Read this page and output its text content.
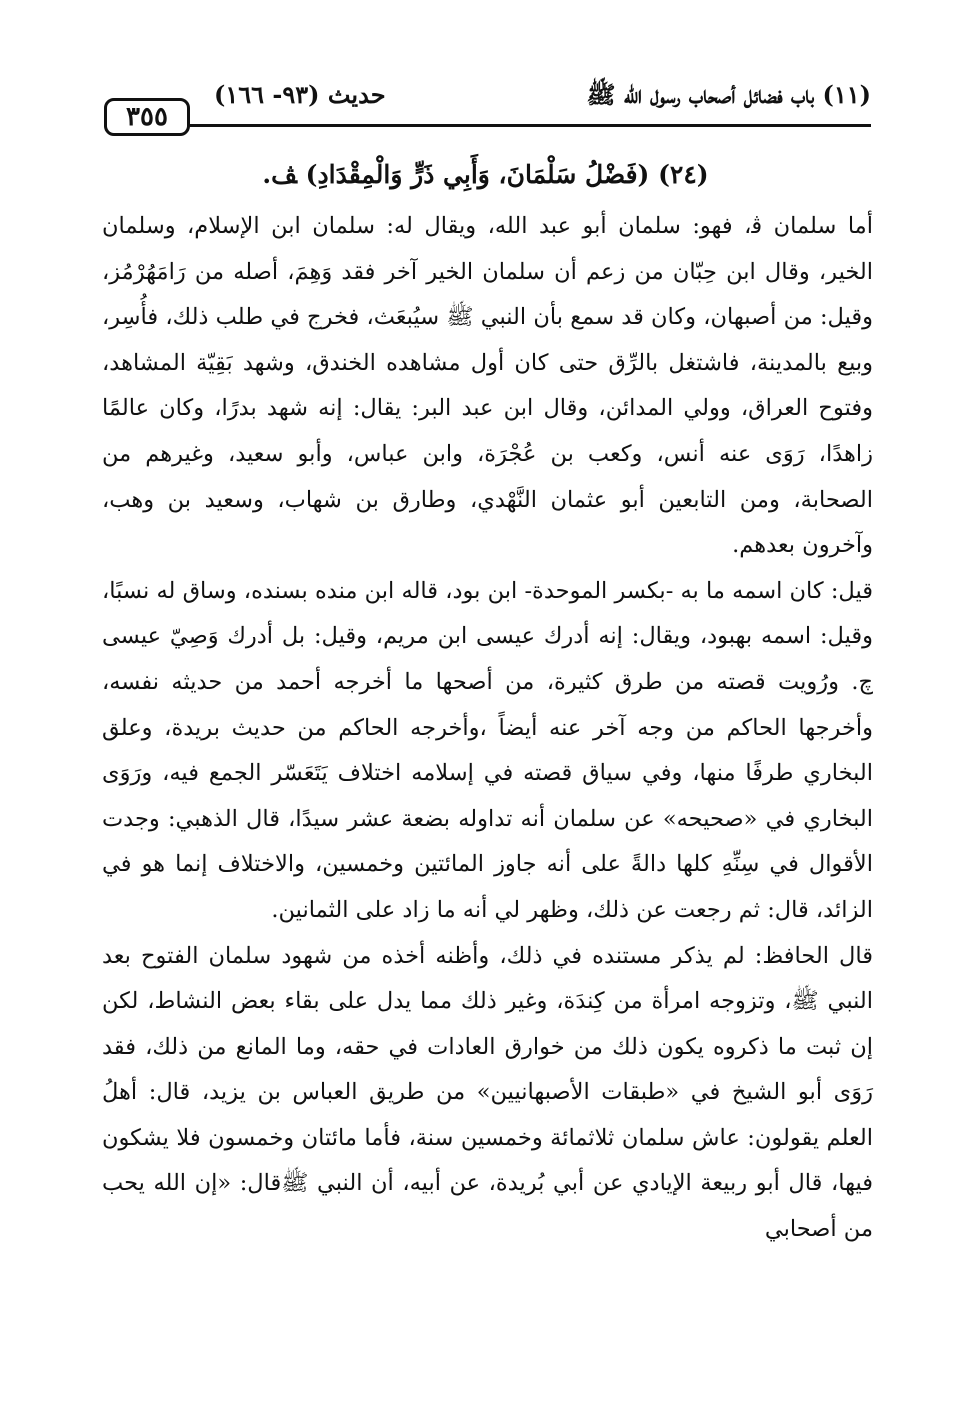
٣٥٥
حديث (٩٣- ١٦٦)	(١١) باب فضائل أصحاب رسول الله ﷺ
(٢٤) (فَضْلُ سَلْمَانَ، وَأَبِي ذَرٍّ وَالْمِقْدَادِ) ﭫ.

أما سلمان ﭬ، فهو: سلمان أبو عبد الله، ويقال له: سلمان ابن الإسلام، وسلمان الخير، وقال ابن حِبّان من زعم أن سلمان الخير آخر فقد وَهِمَ، أصله من رَامَهُرْمُز، وقيل: من أصبهان، وكان قد سمع بأن النبي ﷺ سيُبعَث، فخرج في طلب ذلك، فأُسِر، وبيع بالمدينة، فاشتغل بالرِّق حتى كان أول مشاهده الخندق، وشهد بَقِيّة المشاهد، وفتوح العراق، وولي المدائن، وقال ابن عبد البر: يقال: إنه شهد بدرًا، وكان عالمًا زاهدًا، رَوَى عنه أنس، وكعب بن عُجْرَة، وابن عباس، وأبو سعيد، وغيرهم من الصحابة، ومن التابعين أبو عثمان النَّهْدي، وطارق بن شهاب، وسعيد بن وهب، وآخرون بعدهم.

قيل: كان اسمه ما به -بكسر الموحدة- ابن بود، قاله ابن منده بسنده، وساق له نسبًا، وقيل: اسمه بهبود، ويقال: إنه أدرك عيسى ابن مريم، وقيل: بل أدرك وَصِيّ عيسى ﭺ. ورُويت قصته من طرق كثيرة، من أصحها ما أخرجه أحمد من حديثه نفسه، وأخرجها الحاكم من وجه آخر عنه أيضاً ،وأخرجه الحاكم من حديث بريدة، وعلق البخاري طرفًا منها، وفي سياق قصته في إسلامه اختلاف يَتَعَسّر الجمع فيه، ورَوَى البخاري في «صحيحه» عن سلمان أنه تداوله بضعة عشر سيدًا، قال الذهبي: وجدت الأقوال في سِنِّهِ كلها دالةً على أنه جاوز المائتين وخمسين، والاختلاف إنما هو في الزائد، قال: ثم رجعت عن ذلك، وظهر لي أنه ما زاد على الثمانين.

قال الحافظ: لم يذكر مستنده في ذلك، وأظنه أخذه من شهود سلمان الفتوح بعد النبي ﷺ، وتزوجه امرأة من كِندَة، وغير ذلك مما يدل على بقاء بعض النشاط، لكن إن ثبت ما ذكروه يكون ذلك من خوارق العادات في حقه، وما المانع من ذلك، فقد رَوَى أبو الشيخ في «طبقات الأصبهانيين» من طريق العباس بن يزيد، قال: أهلُ العلم يقولون: عاش سلمان ثلاثمائة وخمسين سنة، فأما مائتان وخمسون فلا يشكون فيها، قال أبو ربيعة الإيادي عن أبي بُريدة، عن أبيه، أن النبي ﷺقال: «إن الله يحب من أصحابي
